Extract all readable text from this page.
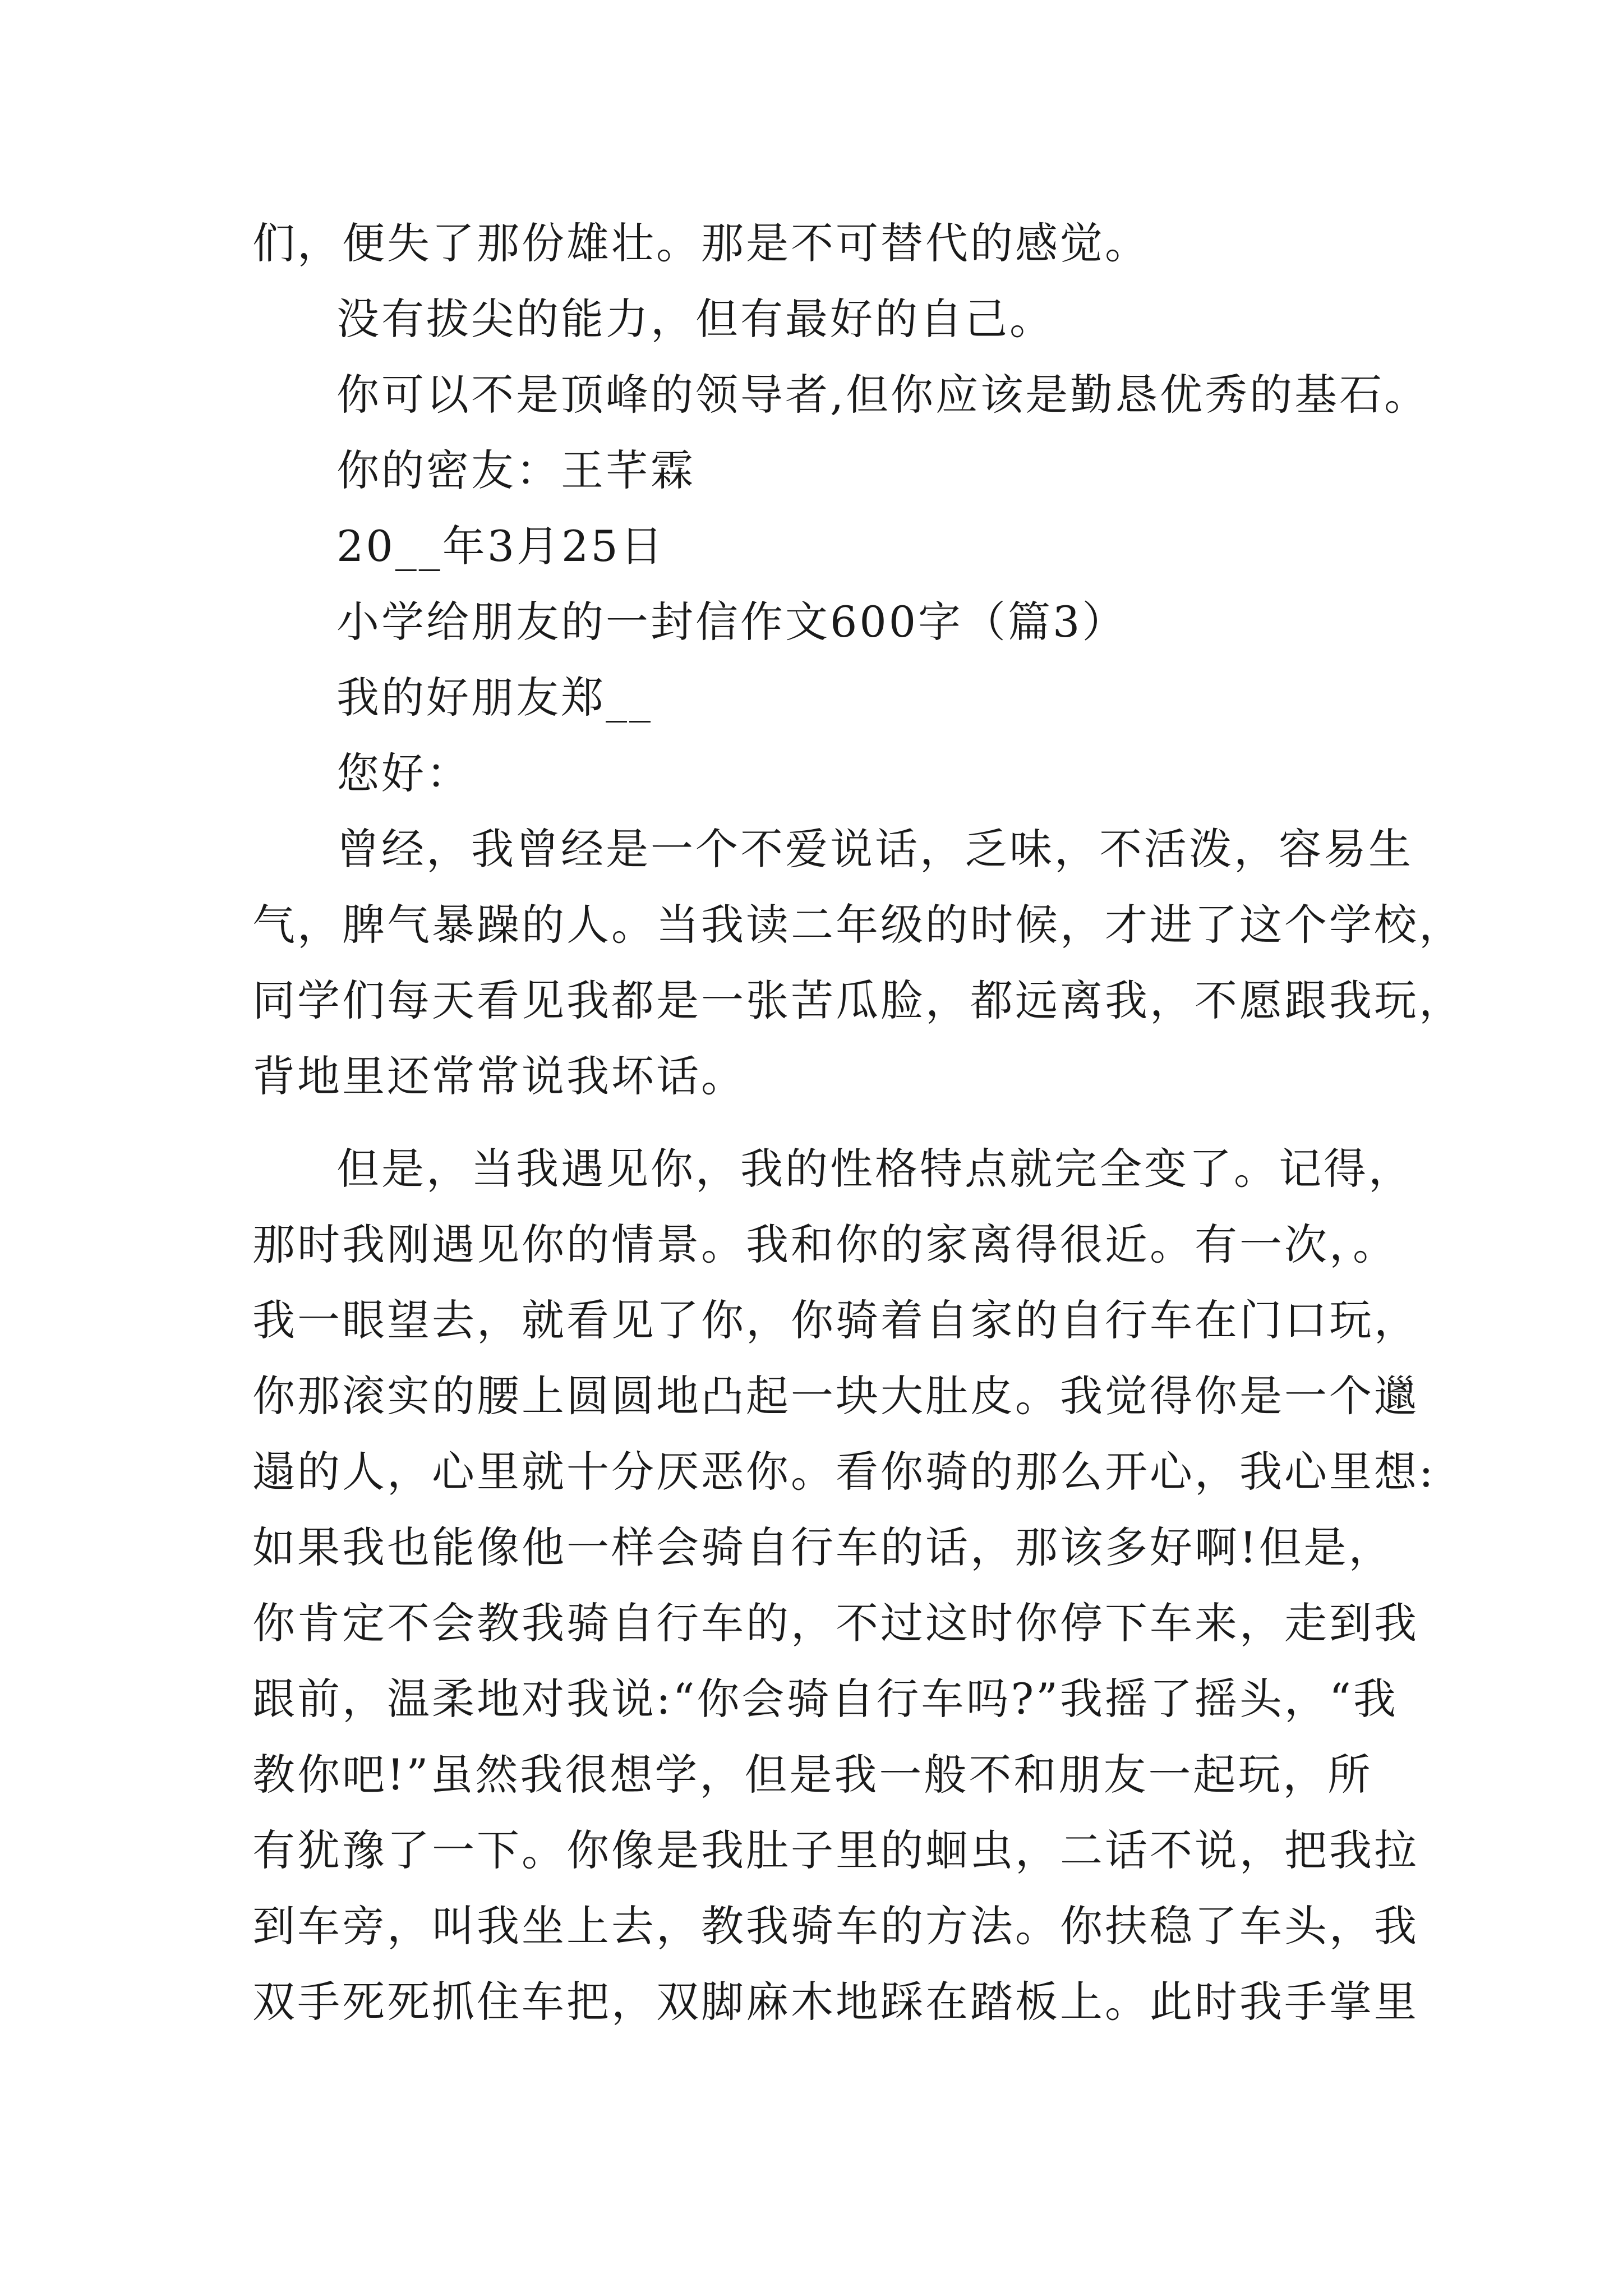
们，便失了那份雄壮。那是不可替代的感觉。
没有拔尖的能力，但有最好的自己。
你可以不是顶峰的领导者,但你应该是勤恳优秀的基石。
你的密友：王芊霖
20__年3月25日
小学给朋友的一封信作文600字（篇3）
我的好朋友郑__
您好：
曾经，我曾经是一个不爱说话，乏味，不活泼，容易生
气，脾气暴躁的人。当我读二年级的时候，才进了这个学校，
同学们每天看见我都是一张苦瓜脸，都远离我，不愿跟我玩，
背地里还常常说我坏话。
但是，当我遇见你，我的性格特点就完全变了。记得，
那时我刚遇见你的情景。我和你的家离得很近。有一次，。
我一眼望去，就看见了你，你骑着自家的自行车在门口玩，
你那滚实的腰上圆圆地凸起一块大肚皮。我觉得你是一个邋
遢的人，心里就十分厌恶你。看你骑的那么开心，我心里想:
如果我也能像他一样会骑自行车的话，那该多好啊!但是，
你肯定不会教我骑自行车的，不过这时你停下车来，走到我
跟前，温柔地对我说:“你会骑自行车吗?”我摇了摇头，“我
教你吧!”虽然我很想学，但是我一般不和朋友一起玩，所
有犹豫了一下。你像是我肚子里的蛔虫，二话不说，把我拉
到车旁，叫我坐上去，教我骑车的方法。你扶稳了车头，我
双手死死抓住车把，双脚麻木地踩在踏板上。此时我手掌里
